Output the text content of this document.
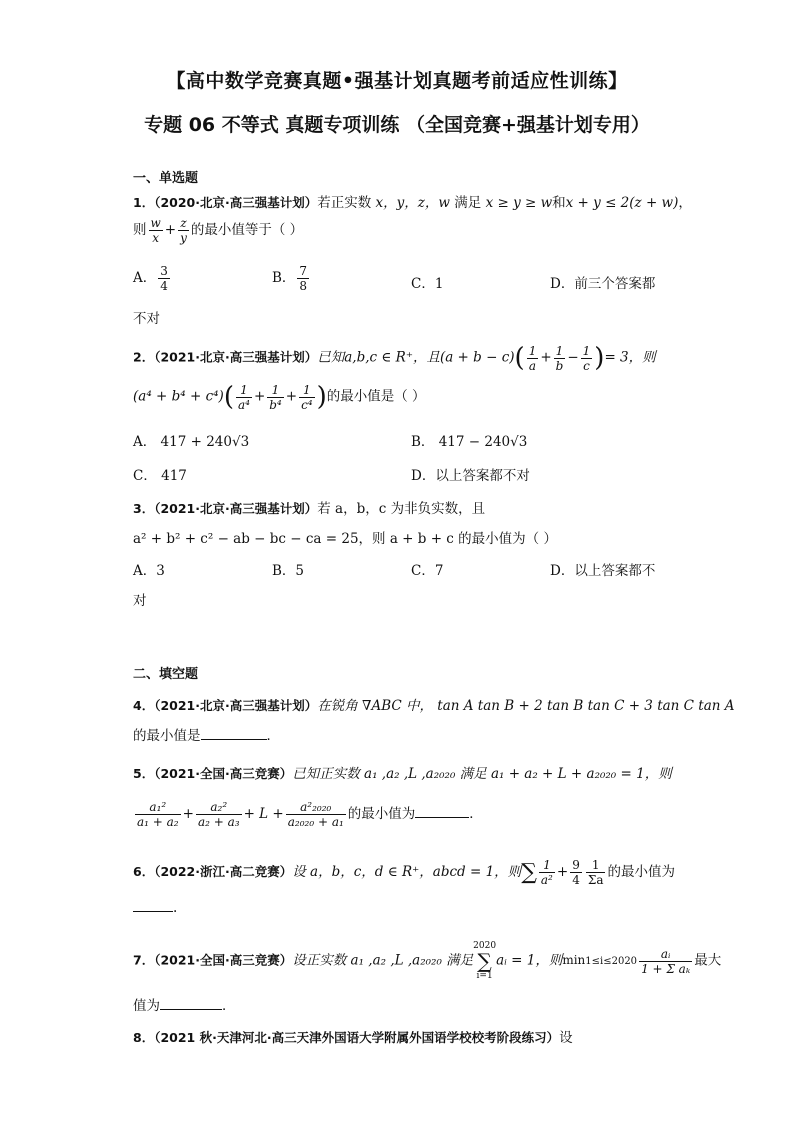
【高中数学竞赛真题•强基计划真题考前适应性训练】
专题 06 不等式 真题专项训练 （全国竞赛+强基计划专用）
一、单选题
1．（2020·北京·高三强基计划）若正实数 x，y，z，w 满足 x ≥ y ≥ w和x + y ≤ 2(z + w)，
则 $\frac{w}{x} + \frac{z}{y}$ 的最小值等于（ ）
A． $\frac{3}{4}$	B． $\frac{7}{8}$	C．1	D．前三个答案都
不对
2．（2021·北京·高三强基计划）已知a,b,c ∈ R⁺，且$(a + b - c)( \frac{1}{a} + \frac{1}{b} - \frac{1}{c}$ )= 3，则
$(a^4 + b^4 + c^4)( \frac{1}{\text{a⁴}} + \frac{1}{\text{b⁴}} + \frac{1}{\text{c⁴}}$ )的最小值是（ ）
A． 417 + 240√3	B． 417 − 240√3
C． 417	D．以上答案都不对
3．（2021·北京·高三强基计划）若 a，b，c 为非负实数，且
a² + b² + c² − ab − bc − ca = 25，则 a + b + c 的最小值为（ ）
A．3	B．5	C．7	D．以上答案都不
对
二、填空题
4．（2021·北京·高三强基计划）在锐角 ∇ABC 中， tan A tan B + 2 tan B tan C + 3 tan C tan A
的最小值是	．
5．（2021·全国·高三竞赛）已知正实数 a₁ ,a₂ ,L ,a₂₀₂₀ 满足 a₁ + a₂ + L + a₂₀₂₀ = 1，则
$\frac{\text{a₁²}}{\text{a₁ + a₂}} + \frac{\text{a₂²}}{\text{a₂ + a₃}} + L + \frac{\text{a²₂₀₂₀}}{\text{a₂₀₂₀ + a₁}}$ 的最小值为	．
6．（2022·浙江·高二竞赛）设 a，b，c，d ∈ R⁺，abcd = 1，则∑ $\frac{1}{\text{a²}} + \frac{9}{4} \frac{1}{\Sigma a}$ 的最小值为
.
7．（2021·全国·高三竞赛）设正实数 a₁ ,a₂ ,L ,a₂₀₂₀ 满足2020
∑
i=1aᵢ = 1，则$\min 1\le i\le 2020 \frac{\text{aᵢ}}{\text{1 + Σ aₖ}}$ 最大
值为	．
8．（2021 秋·天津河北·高三天津外国语大学附属外国语学校校考阶段练习）设
